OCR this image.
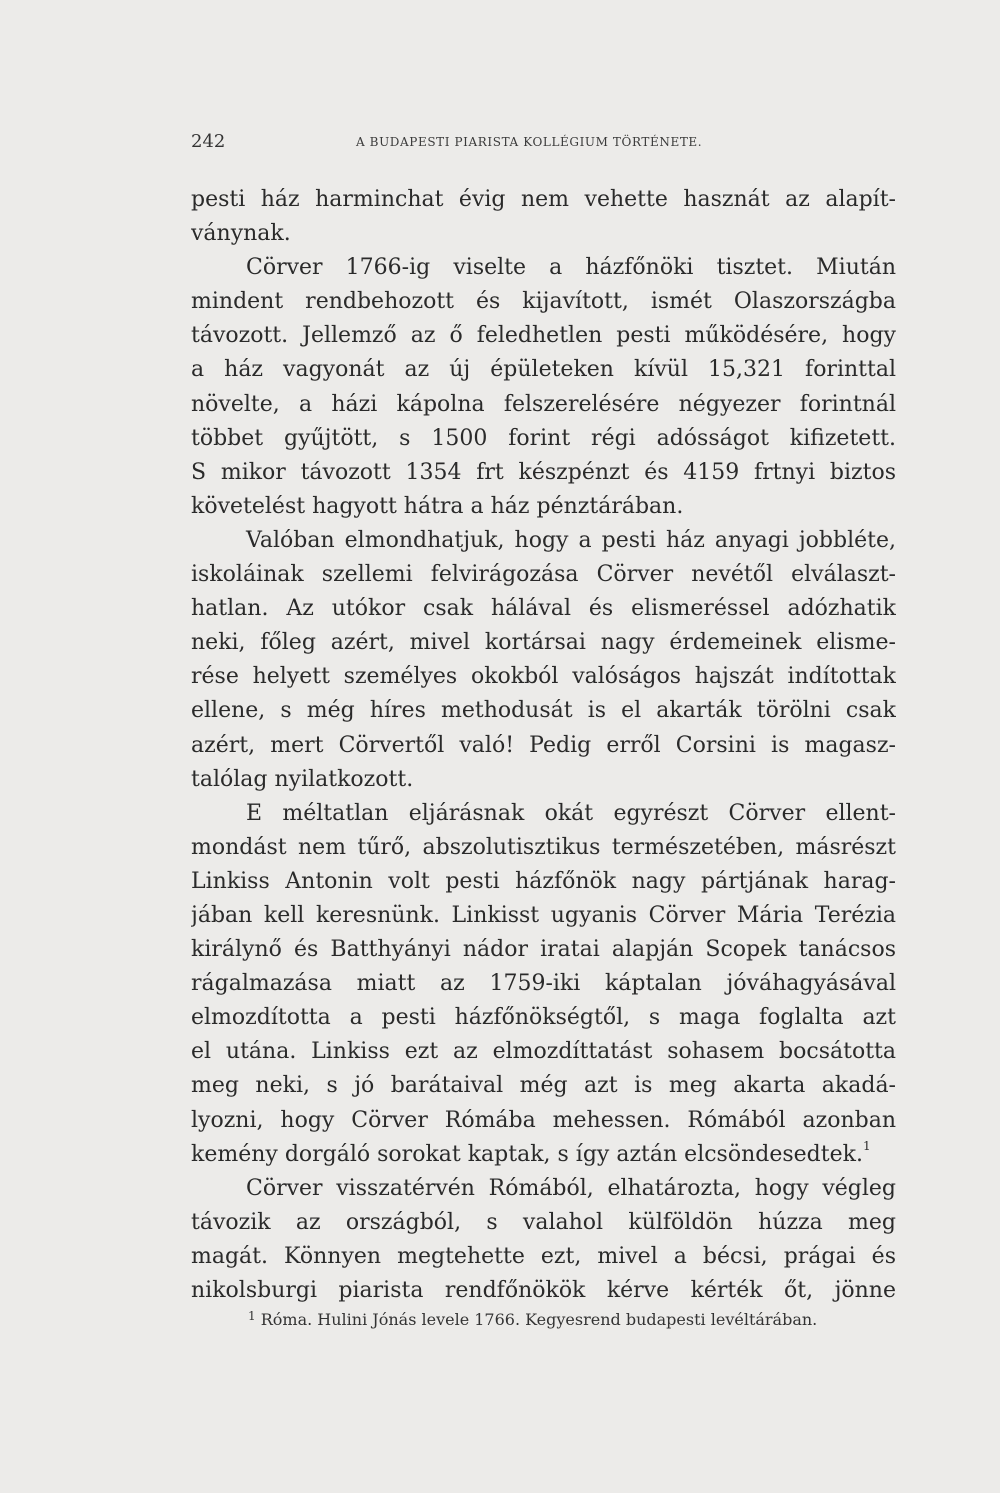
242	A BUDAPESTI PIARISTA KOLLÉGIUM TÖRTÉNETE.
pesti ház harminchat évig nem vehette hasznát az alapít-
ványnak.
Cörver 1766-ig viselte a házfőnöki tisztet. Miután
mindent rendbehozott és kijavított, ismét Olaszországba
távozott. Jellemző az ő feledhetlen pesti működésére, hogy
a ház vagyonát az új épületeken kívül 15,321 forinttal
növelte, a házi kápolna felszerelésére négyezer forintnál
többet gyűjtött, s 1500 forint régi adósságot kifizetett.
S mikor távozott 1354 frt készpénzt és 4159 frtnyi biztos
követelést hagyott hátra a ház pénztárában.
Valóban elmondhatjuk, hogy a pesti ház anyagi jobbléte,
iskoláinak szellemi felvirágozása Cörver nevétől elválaszt-
hatlan. Az utókor csak hálával és elismeréssel adózhatik
neki, főleg azért, mivel kortársai nagy érdemeinek elisme-
rése helyett személyes okokból valóságos hajszát indítottak
ellene, s még híres methodusát is el akarták törölni csak
azért, mert Cörvertől való! Pedig erről Corsini is magasz-
talólag nyilatkozott.
E méltatlan eljárásnak okát egyrészt Cörver ellent-
mondást nem tűrő, abszolutisztikus természetében, másrészt
Linkiss Antonin volt pesti házfőnök nagy pártjának harag-
jában kell keresnünk. Linkisst ugyanis Cörver Mária Terézia
királynő és Batthyányi nádor iratai alapján Scopek tanácsos
rágalmazása miatt az 1759-iki káptalan jóváhagyásával
elmozdította a pesti házfőnökségtől, s maga foglalta azt
el utána. Linkiss ezt az elmozdíttatást sohasem bocsátotta
meg neki, s jó barátaival még azt is meg akarta akadá-
lyozni, hogy Cörver Rómába mehessen. Rómából azonban
kemény dorgáló sorokat kaptak, s így aztán elcsöndesedtek.$^1$
Cörver visszatérvén Rómából, elhatározta, hogy végleg
távozik az országból, s valahol külföldön húzza meg
magát. Könnyen megtehette ezt, mivel a bécsi, prágai és
nikolsburgi piarista rendfőnökök kérve kérték őt, jönne
$^1$ Róma. Hulini Jónás levele 1766. Kegyesrend budapesti levéltárában.
